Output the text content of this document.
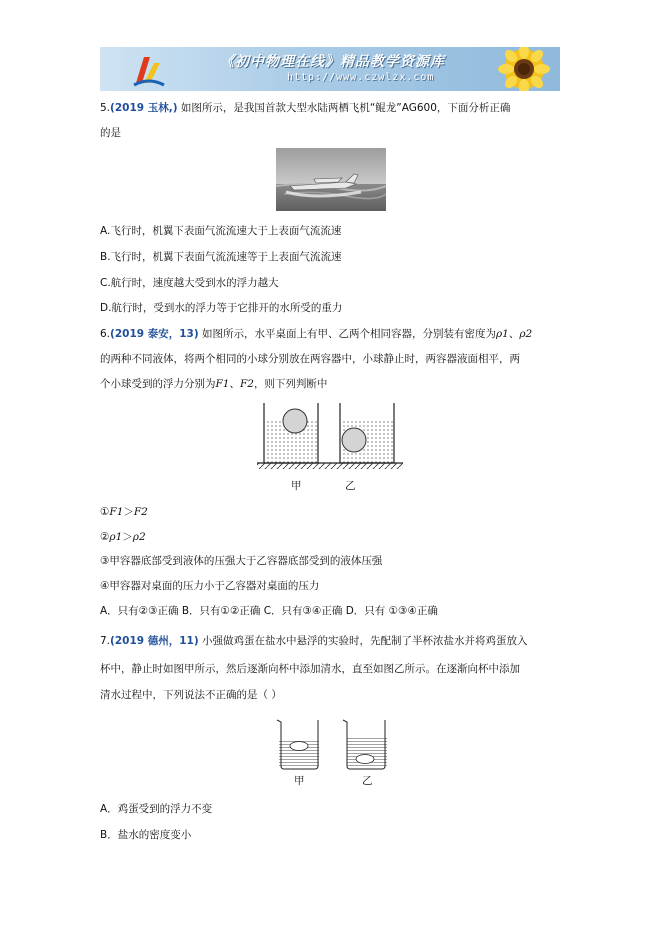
《初中物理在线》精品教学资源库
http://www.czwlzx.com
5.(2019 玉林,) 如图所示，是我国首款大型水陆两栖飞机“鲲龙”AG600，下面分析正确
的是
A.飞行时，机翼下表面气流流速大于上表面气流流速
B.飞行时，机翼下表面气流流速等于上表面气流流速
C.航行时，速度越大受到水的浮力越大
D.航行时，受到水的浮力等于它排开的水所受的重力
6.(2019 泰安，13) 如图所示，水平桌面上有甲、乙两个相同容器，分别装有密度为ρ1、ρ2
的两种不同液体，将两个相同的小球分别放在两容器中，小球静止时，两容器液面相平，两
个小球受到的浮力分别为F1、F2，则下列判断中
甲	乙
①F1＞F2
②ρ1＞ρ2
③甲容器底部受到液体的压强大于乙容器底部受到的液体压强
④甲容器对桌面的压力小于乙容器对桌面的压力
A．只有②③正确 B．只有①②正确 C．只有③④正确 D．只有 ①③④正确
7.(2019 德州，11) 小强做鸡蛋在盐水中悬浮的实验时，先配制了半杯浓盐水并将鸡蛋放入
杯中，静止时如图甲所示，然后逐渐向杯中添加清水，直至如图乙所示。在逐渐向杯中添加
清水过程中，下列说法不正确的是（ ）
甲	乙
A．鸡蛋受到的浮力不变
B．盐水的密度变小
